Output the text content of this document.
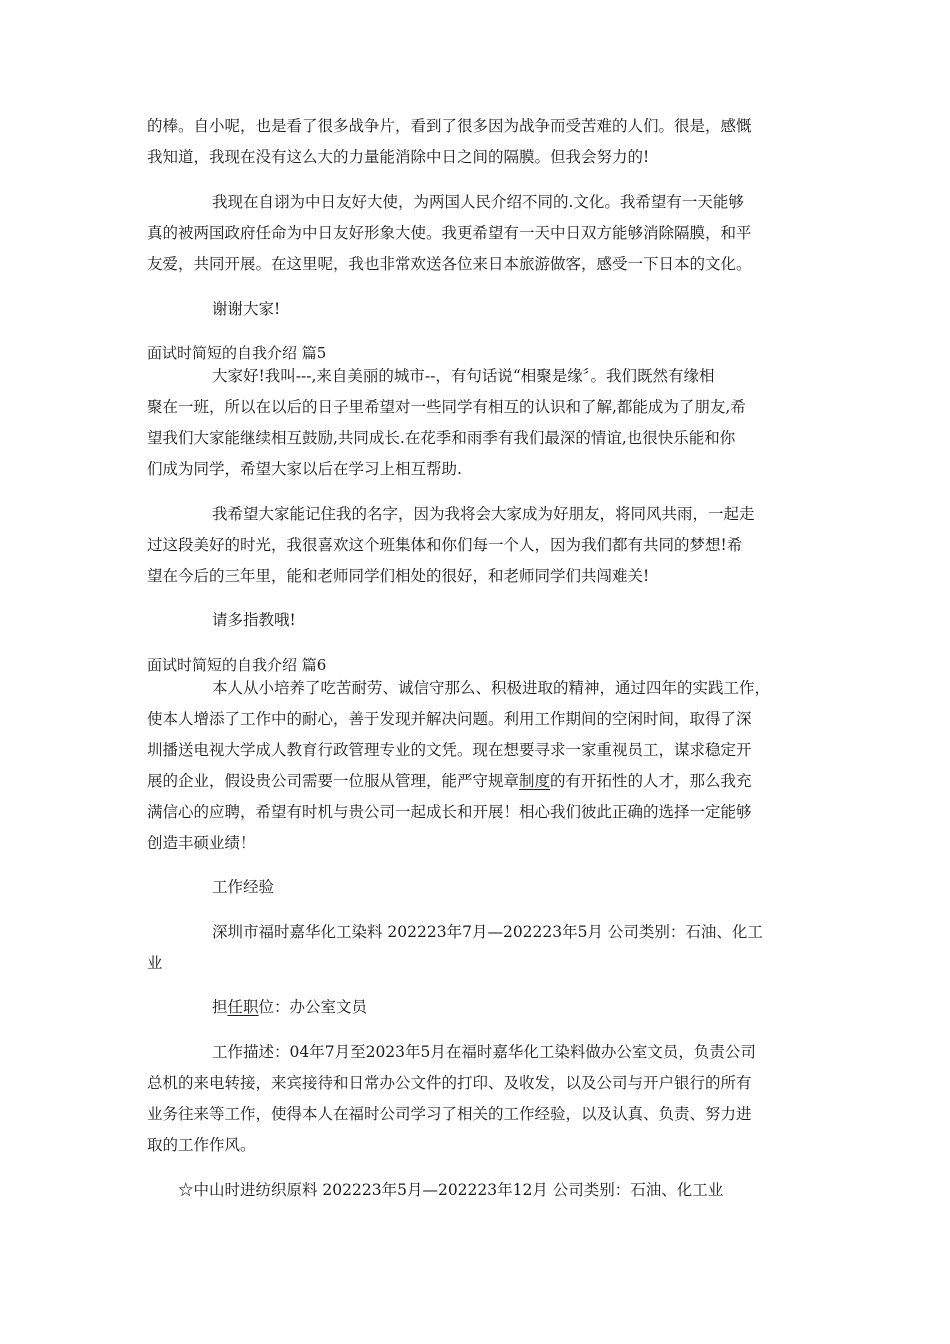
的棒。自小呢，也是看了很多战争片，看到了很多因为战争而受苦难的人们。很是，感慨

我知道，我现在没有这么大的力量能消除中日之间的隔膜。但我会努力的!

我现在自诩为中日友好大使，为两国人民介绍不同的.文化。我希望有一天能够

真的被两国政府任命为中日友好形象大使。我更希望有一天中日双方能够消除隔膜，和平

友爱，共同开展。在这里呢，我也非常欢送各位来日本旅游做客，感受一下日本的文化。

谢谢大家!

面试时简短的自我介绍 篇5

大家好!我叫---,来自美丽的城市--，有句话说“相聚是缘〞。我们既然有缘相

聚在一班，所以在以后的日子里希望对一些同学有相互的认识和了解,都能成为了朋友,希

望我们大家能继续相互鼓励,共同成长.在花季和雨季有我们最深的情谊,也很快乐能和你

们成为同学，希望大家以后在学习上相互帮助.

我希望大家能记住我的名字，因为我将会大家成为好朋友，将同风共雨，一起走

过这段美好的时光，我很喜欢这个班集体和你们每一个人，因为我们都有共同的梦想!希

望在今后的三年里，能和老师同学们相处的很好，和老师同学们共闯难关!

请多指教哦!

面试时简短的自我介绍 篇6

本人从小培养了吃苦耐劳、诚信守那么、积极进取的精神，通过四年的实践工作，

使本人增添了工作中的耐心，善于发现并解决问题。利用工作期间的空闲时间，取得了深

圳播送电视大学成人教育行政管理专业的文凭。现在想要寻求一家重视员工，谋求稳定开

展的企业，假设贵公司需要一位服从管理，能严守规章制度的有开拓性的人才，那么我充

满信心的应聘，希望有时机与贵公司一起成长和开展！相心我们彼此正确的选择一定能够

创造丰硕业绩！

工作经验

深圳市福时嘉华化工染料 202223年7月—202223年5月 公司类别：石油、化工

业

担任职位：办公室文员

工作描述：04年7月至2023年5月在福时嘉华化工染料做办公室文员，负责公司

总机的来电转接，来宾接待和日常办公文件的打印、及收发，以及公司与开户银行的所有

业务往来等工作，使得本人在福时公司学习了相关的工作经验，以及认真、负责、努力进

取的工作作风。

☆中山时进纺织原料 202223年5月—202223年12月 公司类别：石油、化工业
